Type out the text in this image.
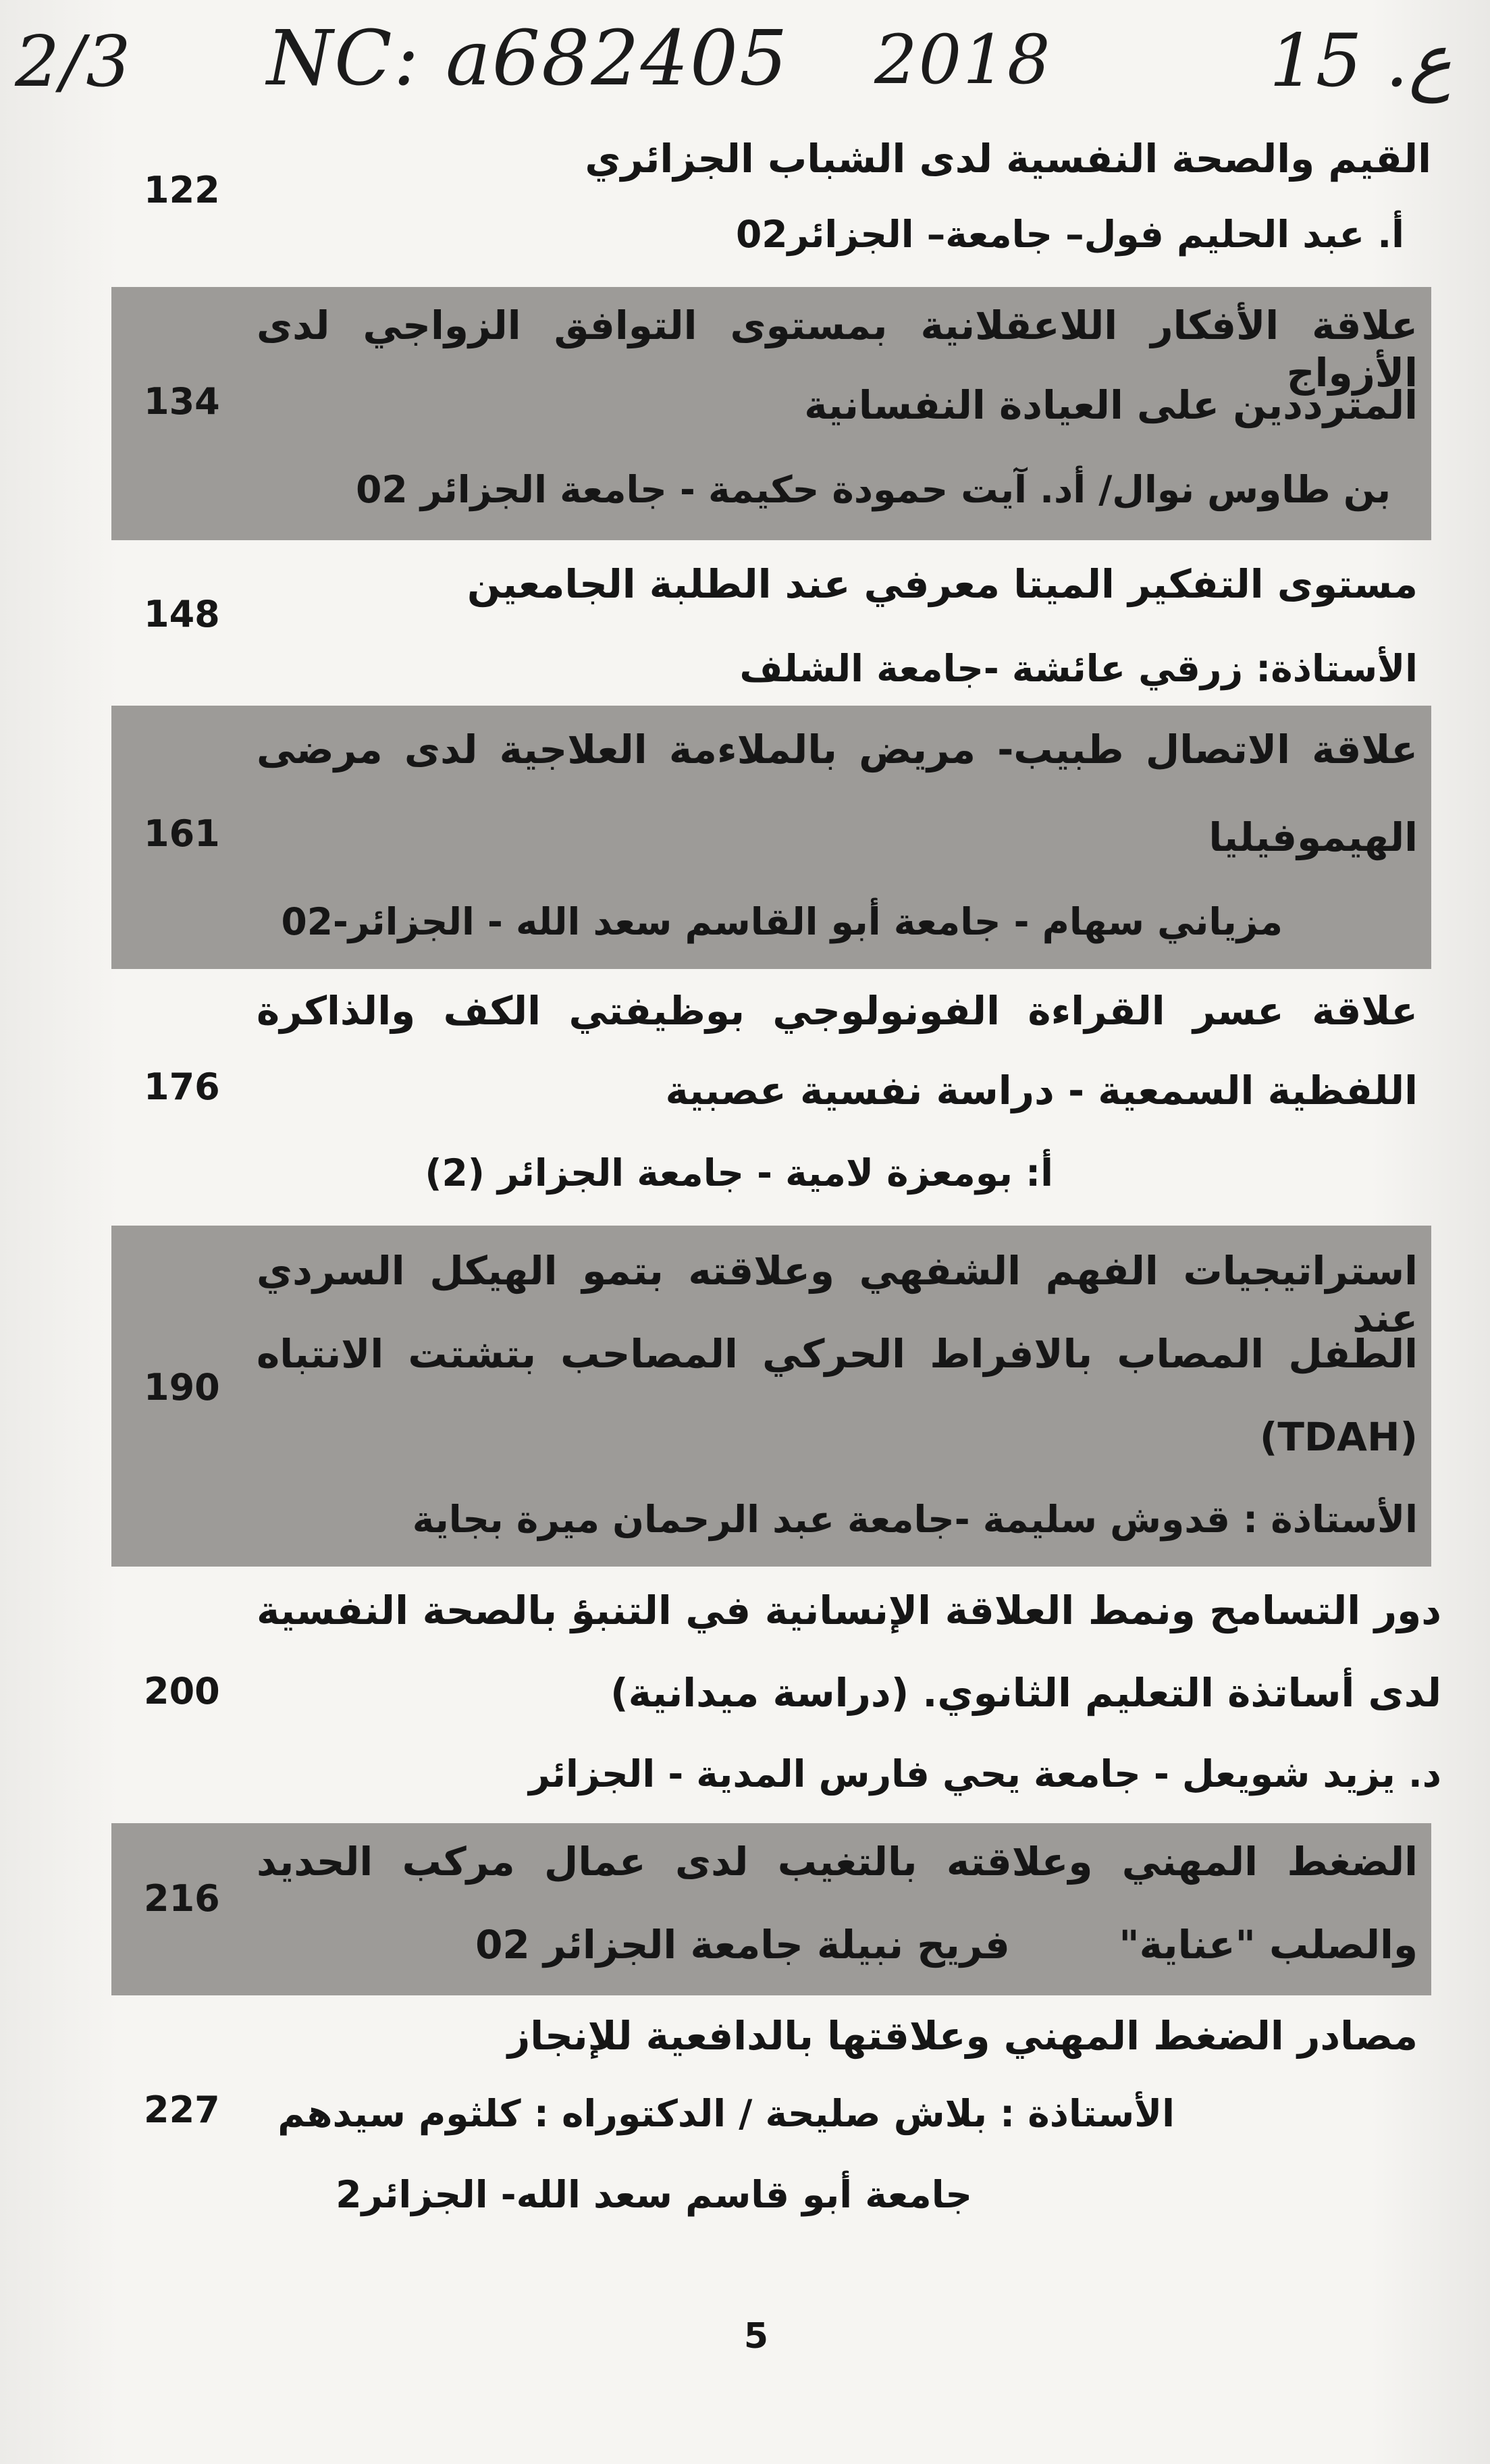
2/3 NC: a682405 2018	ع. 15
122
القيم والصحة النفسية لدى الشباب الجزائري
أ. عبد الحليم فول– جامعة– الجزائر02
134
علاقة الأفكار اللاعقلانية بمستوى التوافق الزواجي لدى الأزواج
المترددين على العيادة النفسانية
بن طاوس نوال/ أد. آيت حمودة حكيمة - جامعة الجزائر 02
148
مستوى التفكير الميتا معرفي عند الطلبة الجامعين
الأستاذة: زرقي عائشة -جامعة الشلف
161
علاقة الاتصال طبيب- مريض بالملاءمة العلاجية لدى مرضى
الهيموفيليا
مزياني سهام - جامعة أبو القاسم سعد الله - الجزائر-02
176
علاقة عسر القراءة الفونولوجي بوظيفتي الكف والذاكرة
اللفظية السمعية - دراسة نفسية عصبية
أ: بومعزة لامية - جامعة الجزائر (2)
190
استراتيجيات الفهم الشفهي وعلاقته بتمو الهيكل السردي عند
الطفل المصاب بالافراط الحركي المصاحب بتشتت الانتباه
(TDAH)
الأستاذة : قدوش سليمة -جامعة عبد الرحمان ميرة بجاية
200
دور التسامح ونمط العلاقة الإنسانية في التنبؤ بالصحة النفسية
لدى أساتذة التعليم الثانوي. (دراسة ميدانية)
د. يزيد شويعل - جامعة يحي فارس المدية - الجزائر
216
الضغط المهني وعلاقته بالتغيب لدى عمال مركب الحديد
والصلب "عناية"        فريح نبيلة جامعة الجزائر 02
227
مصادر الضغط المهني وعلاقتها بالدافعية للإنجاز
الأستاذة : بلاش صليحة / الدكتوراه : كلثوم سيدهم
جامعة أبو قاسم سعد الله- الجزائر2
5
